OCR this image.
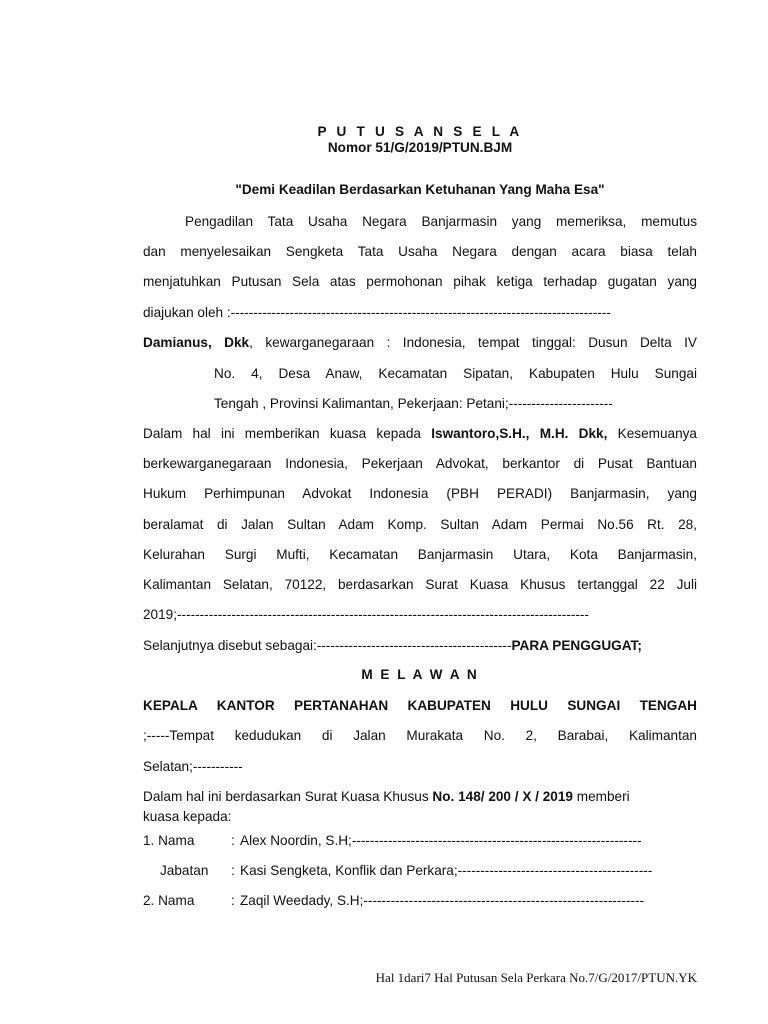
P U T U S A N S E L A
Nomor 51/G/2019/PTUN.BJM
"Demi Keadilan Berdasarkan Ketuhanan Yang Maha Esa"
Pengadilan Tata Usaha Negara Banjarmasin yang memeriksa, memutus
dan menyelesaikan Sengketa Tata Usaha Negara dengan acara biasa telah
menjatuhkan Putusan Sela atas permohonan pihak ketiga terhadap gugatan yang
diajukan oleh :------------------------------------------------------------------------------------
Damianus, Dkk, kewarganegaraan : Indonesia, tempat tinggal: Dusun Delta IV
No. 4, Desa Anaw, Kecamatan Sipatan, Kabupaten Hulu Sungai
Tengah , Provinsi Kalimantan, Pekerjaan: Petani;-----------------------
Dalam hal ini memberikan kuasa kepada Iswantoro,S.H., M.H. Dkk, Kesemuanya
berkewarganegaraan Indonesia, Pekerjaan Advokat, berkantor di Pusat Bantuan
Hukum Perhimpunan Advokat Indonesia (PBH PERADI) Banjarmasin, yang
beralamat di Jalan Sultan Adam Komp. Sultan Adam Permai No.56 Rt. 28,
Kelurahan Surgi Mufti, Kecamatan Banjarmasin Utara, Kota Banjarmasin,
Kalimantan Selatan, 70122, berdasarkan Surat Kuasa Khusus tertanggal 22 Juli
2019;-------------------------------------------------------------------------------------------
Selanjutnya disebut sebagai:-------------------------------------------PARA PENGGUGAT;
M E L A W A N
KEPALA KANTOR PERTANAHAN KABUPATEN HULU SUNGAI TENGAH
;-----Tempat kedudukan di Jalan Murakata No. 2, Barabai, Kalimantan
Selatan;-----------
Dalam hal ini berdasarkan Surat Kuasa Khusus No. 148/ 200 / X / 2019 memberi
kuasa kepada:
1. Nama	: Alex Noordin, S.H;----------------------------------------------------------------
Jabatan : Kasi Sengketa, Konflik dan Perkara;-------------------------------------------
2. Nama	: Zaqil Weedady, S.H;--------------------------------------------------------------
Hal 1dari7 Hal Putusan Sela Perkara No.7/G/2017/PTUN.YK
